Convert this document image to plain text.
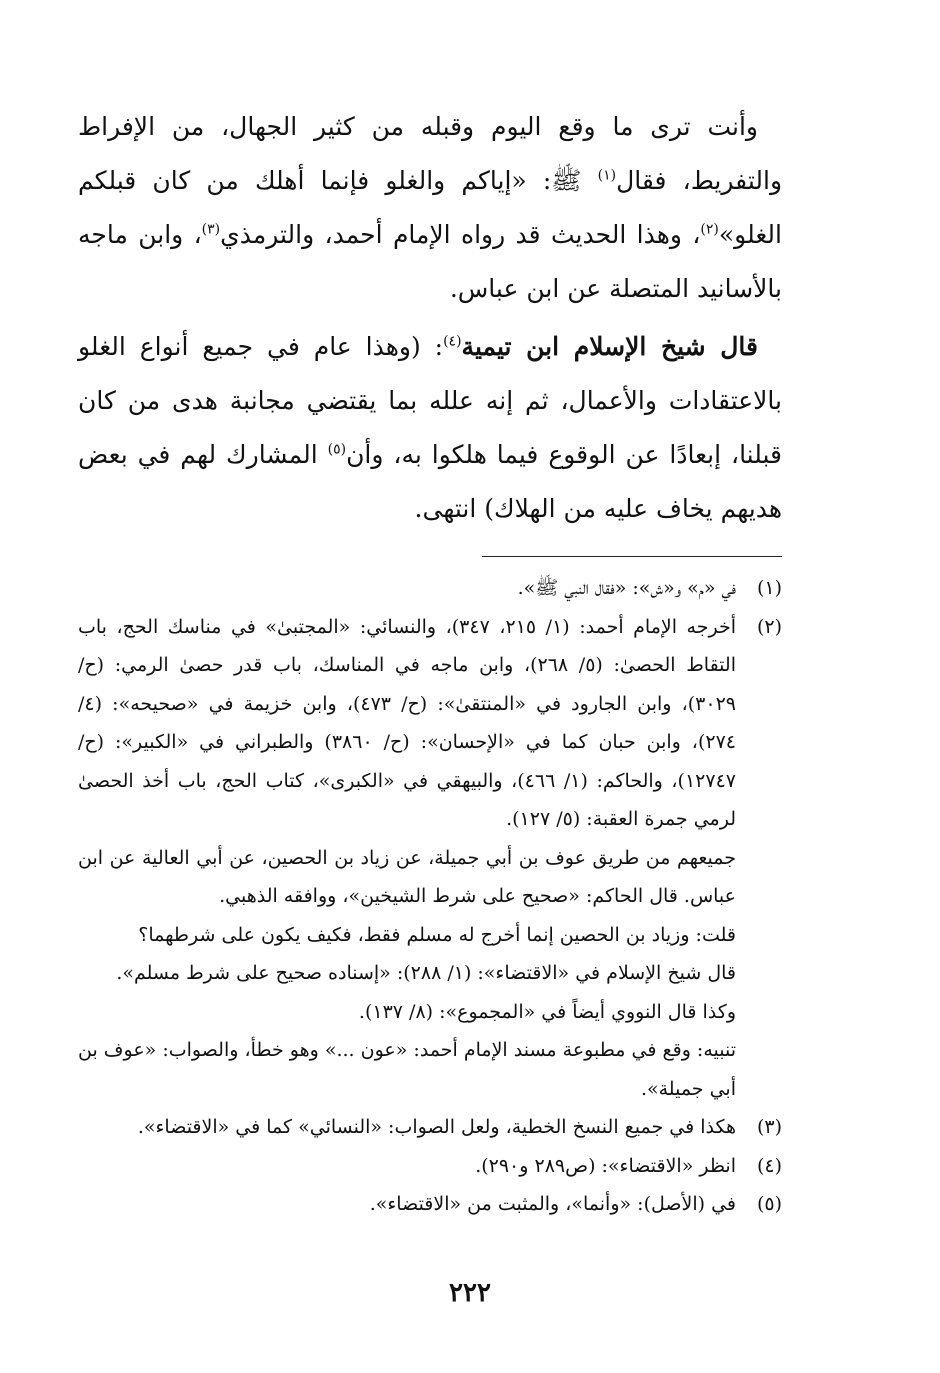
وأنت ترى ما وقع اليوم وقبله من كثير الجهال، من الإفراط والتفريط، فقال$^{(١)}$ ﷺ: «إياكم والغلو فإنما أهلك من كان قبلكم الغلو»$^{(٢)}$، وهذا الحديث قد رواه الإمام أحمد، والترمذي$^{(٣)}$، وابن ماجه بالأسانيد المتصلة عن ابن عباس.

قال شيخ الإسلام ابن تيمية$^{(٤)}$: (وهذا عام في جميع أنواع الغلو بالاعتقادات والأعمال، ثم إنه علله بما يقتضي مجانبة هدى من كان قبلنا، إبعادًا عن الوقوع فيما هلكوا به، وأن$^{(٥)}$ المشارك لهم في بعض هديهم يخاف عليه من الهلاك) انتهى.

(١)

في «م» و«ش»: «فقال النبي ﷺ».

(٢)

أخرجه الإمام أحمد: (١/ ٢١٥، ٣٤٧)، والنسائي: «المجتبىٰ» في مناسك الحج، باب التقاط الحصىٰ: (٥/ ٢٦٨)، وابن ماجه في المناسك، باب قدر حصىٰ الرمي: (ح/ ٣٠٢٩)، وابن الجارود في «المنتقىٰ»: (ح/ ٤٧٣)، وابن خزيمة في «صحيحه»: (٤/ ٢٧٤)، وابن حبان كما في «الإحسان»: (ح/ ٣٨٦٠) والطبراني في «الكبير»: (ح/ ١٢٧٤٧)، والحاكم: (١/ ٤٦٦)، والبيهقي في «الكبرى»، كتاب الحج، باب أخذ الحصىٰ لرمي جمرة العقبة: (٥/ ١٢٧).

جميعهم من طريق عوف بن أبي جميلة، عن زياد بن الحصين، عن أبي العالية عن ابن عباس. قال الحاكم: «صحيح على شرط الشيخين»، ووافقه الذهبي.

قلت: وزياد بن الحصين إنما أخرج له مسلم فقط، فكيف يكون على شرطهما؟

قال شيخ الإسلام في «الاقتضاء»: (١/ ٢٨٨): «إسناده صحيح على شرط مسلم».

وكذا قال النووي أيضاً في «المجموع»: (٨/ ١٣٧).

تنبيه: وقع في مطبوعة مسند الإمام أحمد: «عون ...» وهو خطأ، والصواب: «عوف بن أبي جميلة».

(٣)

هكذا في جميع النسخ الخطية، ولعل الصواب: «النسائي» كما في «الاقتضاء».

(٤)

انظر «الاقتضاء»: (ص٢٨٩ و٢٩٠).

(٥)

في (الأصل): «وأنما»، والمثبت من «الاقتضاء».

٢٢٢
